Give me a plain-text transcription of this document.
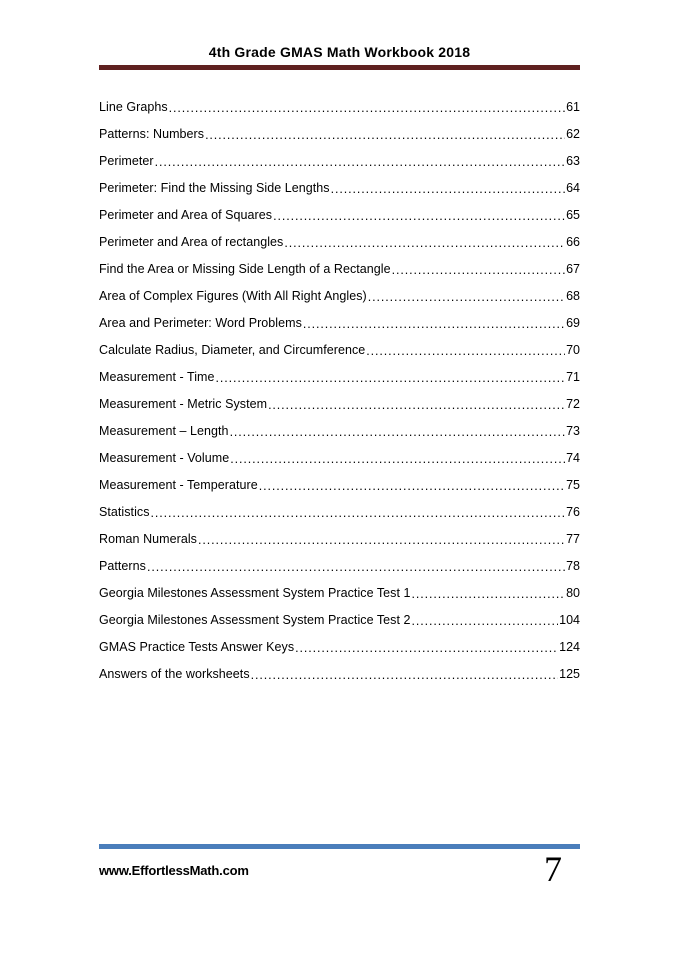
4th Grade GMAS Math Workbook 2018
Line Graphs .....	61
Patterns: Numbers .....	62
Perimeter .....	63
Perimeter: Find the Missing Side Lengths .....	64
Perimeter and Area of Squares .....	65
Perimeter and Area of rectangles .....	66
Find the Area or Missing Side Length of a Rectangle .....	67
Area of Complex Figures (With All Right Angles) .....	68
Area and Perimeter: Word Problems .....	69
Calculate Radius, Diameter, and Circumference .....	70
Measurement - Time .....	71
Measurement - Metric System .....	72
Measurement – Length .....	73
Measurement - Volume .....	74
Measurement - Temperature .....	75
Statistics .....	76
Roman Numerals .....	77
Patterns .....	78
Georgia Milestones Assessment System Practice Test 1 .....	80
Georgia Milestones Assessment System Practice Test 2 .....	104
GMAS Practice Tests Answer Keys .....	124
Answers of the worksheets .....	125
www.EffortlessMath.com	7
